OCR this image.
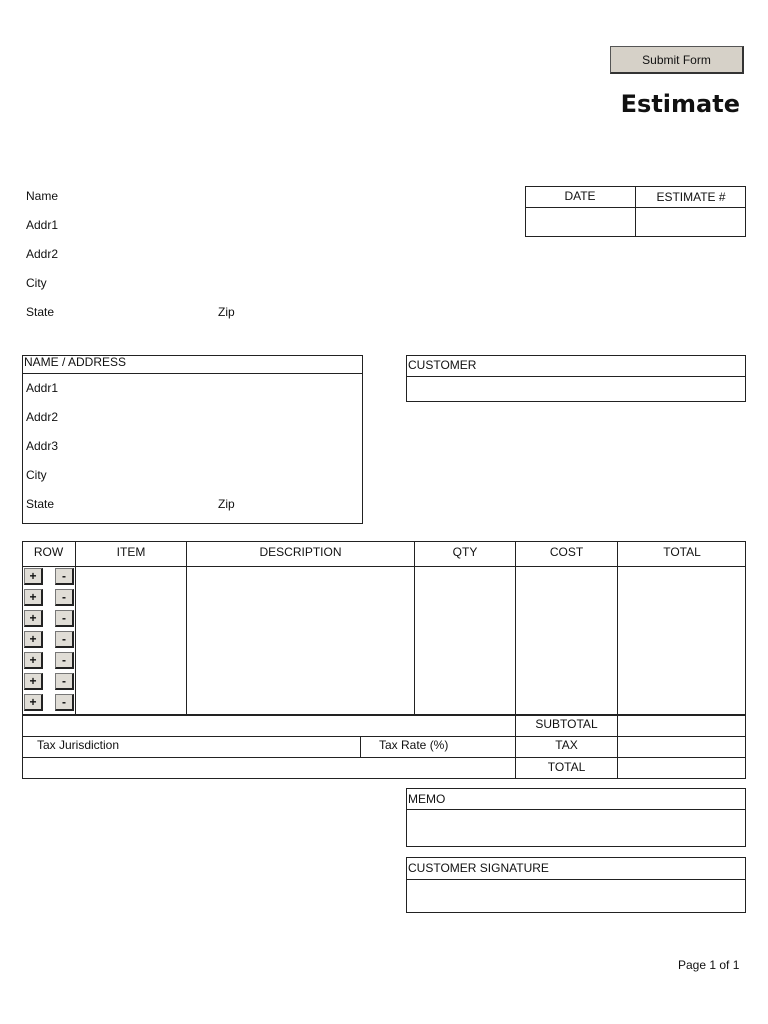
Submit Form
Estimate
Name
Addr1
Addr2
City
State	Zip
DATE	ESTIMATE #
NAME / ADDRESS
Addr1
Addr2
Addr3
City
State	Zip
CUSTOMER
ROW	ITEM	DESCRIPTION	QTY	COST	TOTAL
+	-
+	-
+	-
+	-
+	-
+	-
+	-
SUBTOTAL
Tax Jurisdiction	Tax Rate (%)	TAX
TOTAL
MEMO
CUSTOMER SIGNATURE
Page 1 of 1
